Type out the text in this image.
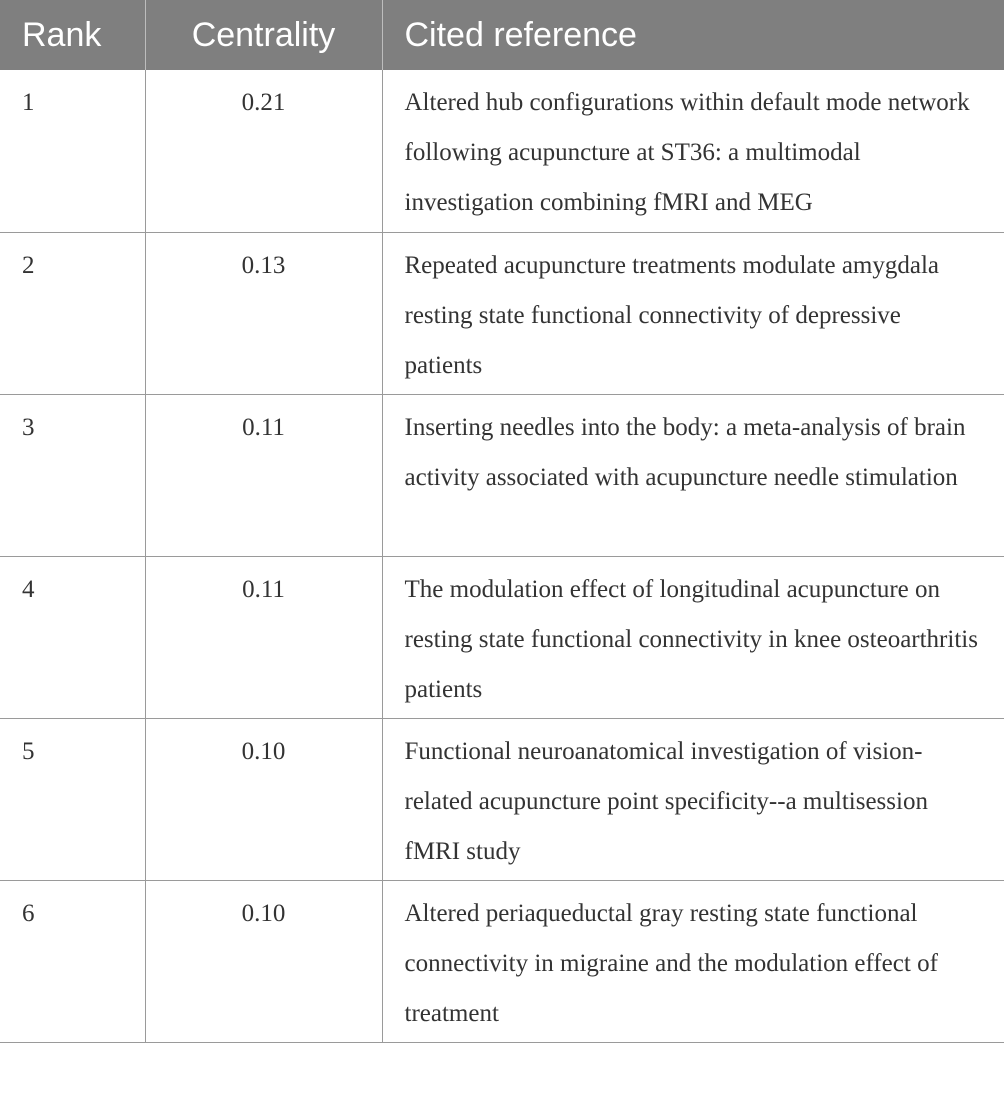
Rank	Centrality	Cited reference
1	0.21	Altered hub configurations within default mode network following acupuncture at ST36: a multimodal investigation combining fMRI and MEG
2	0.13	Repeated acupuncture treatments modulate amygdala resting state functional connectivity of depressive patients
3	0.11	Inserting needles into the body: a meta-analysis of brain activity associated with acupuncture needle stimulation
4	0.11	The modulation effect of longitudinal acupuncture on resting state functional connectivity in knee osteoarthritis patients
5	0.10	Functional neuroanatomical investigation of vision-related acupuncture point specificity--a multisession fMRI study
6	0.10	Altered periaqueductal gray resting state functional connectivity in migraine and the modulation effect of treatment
